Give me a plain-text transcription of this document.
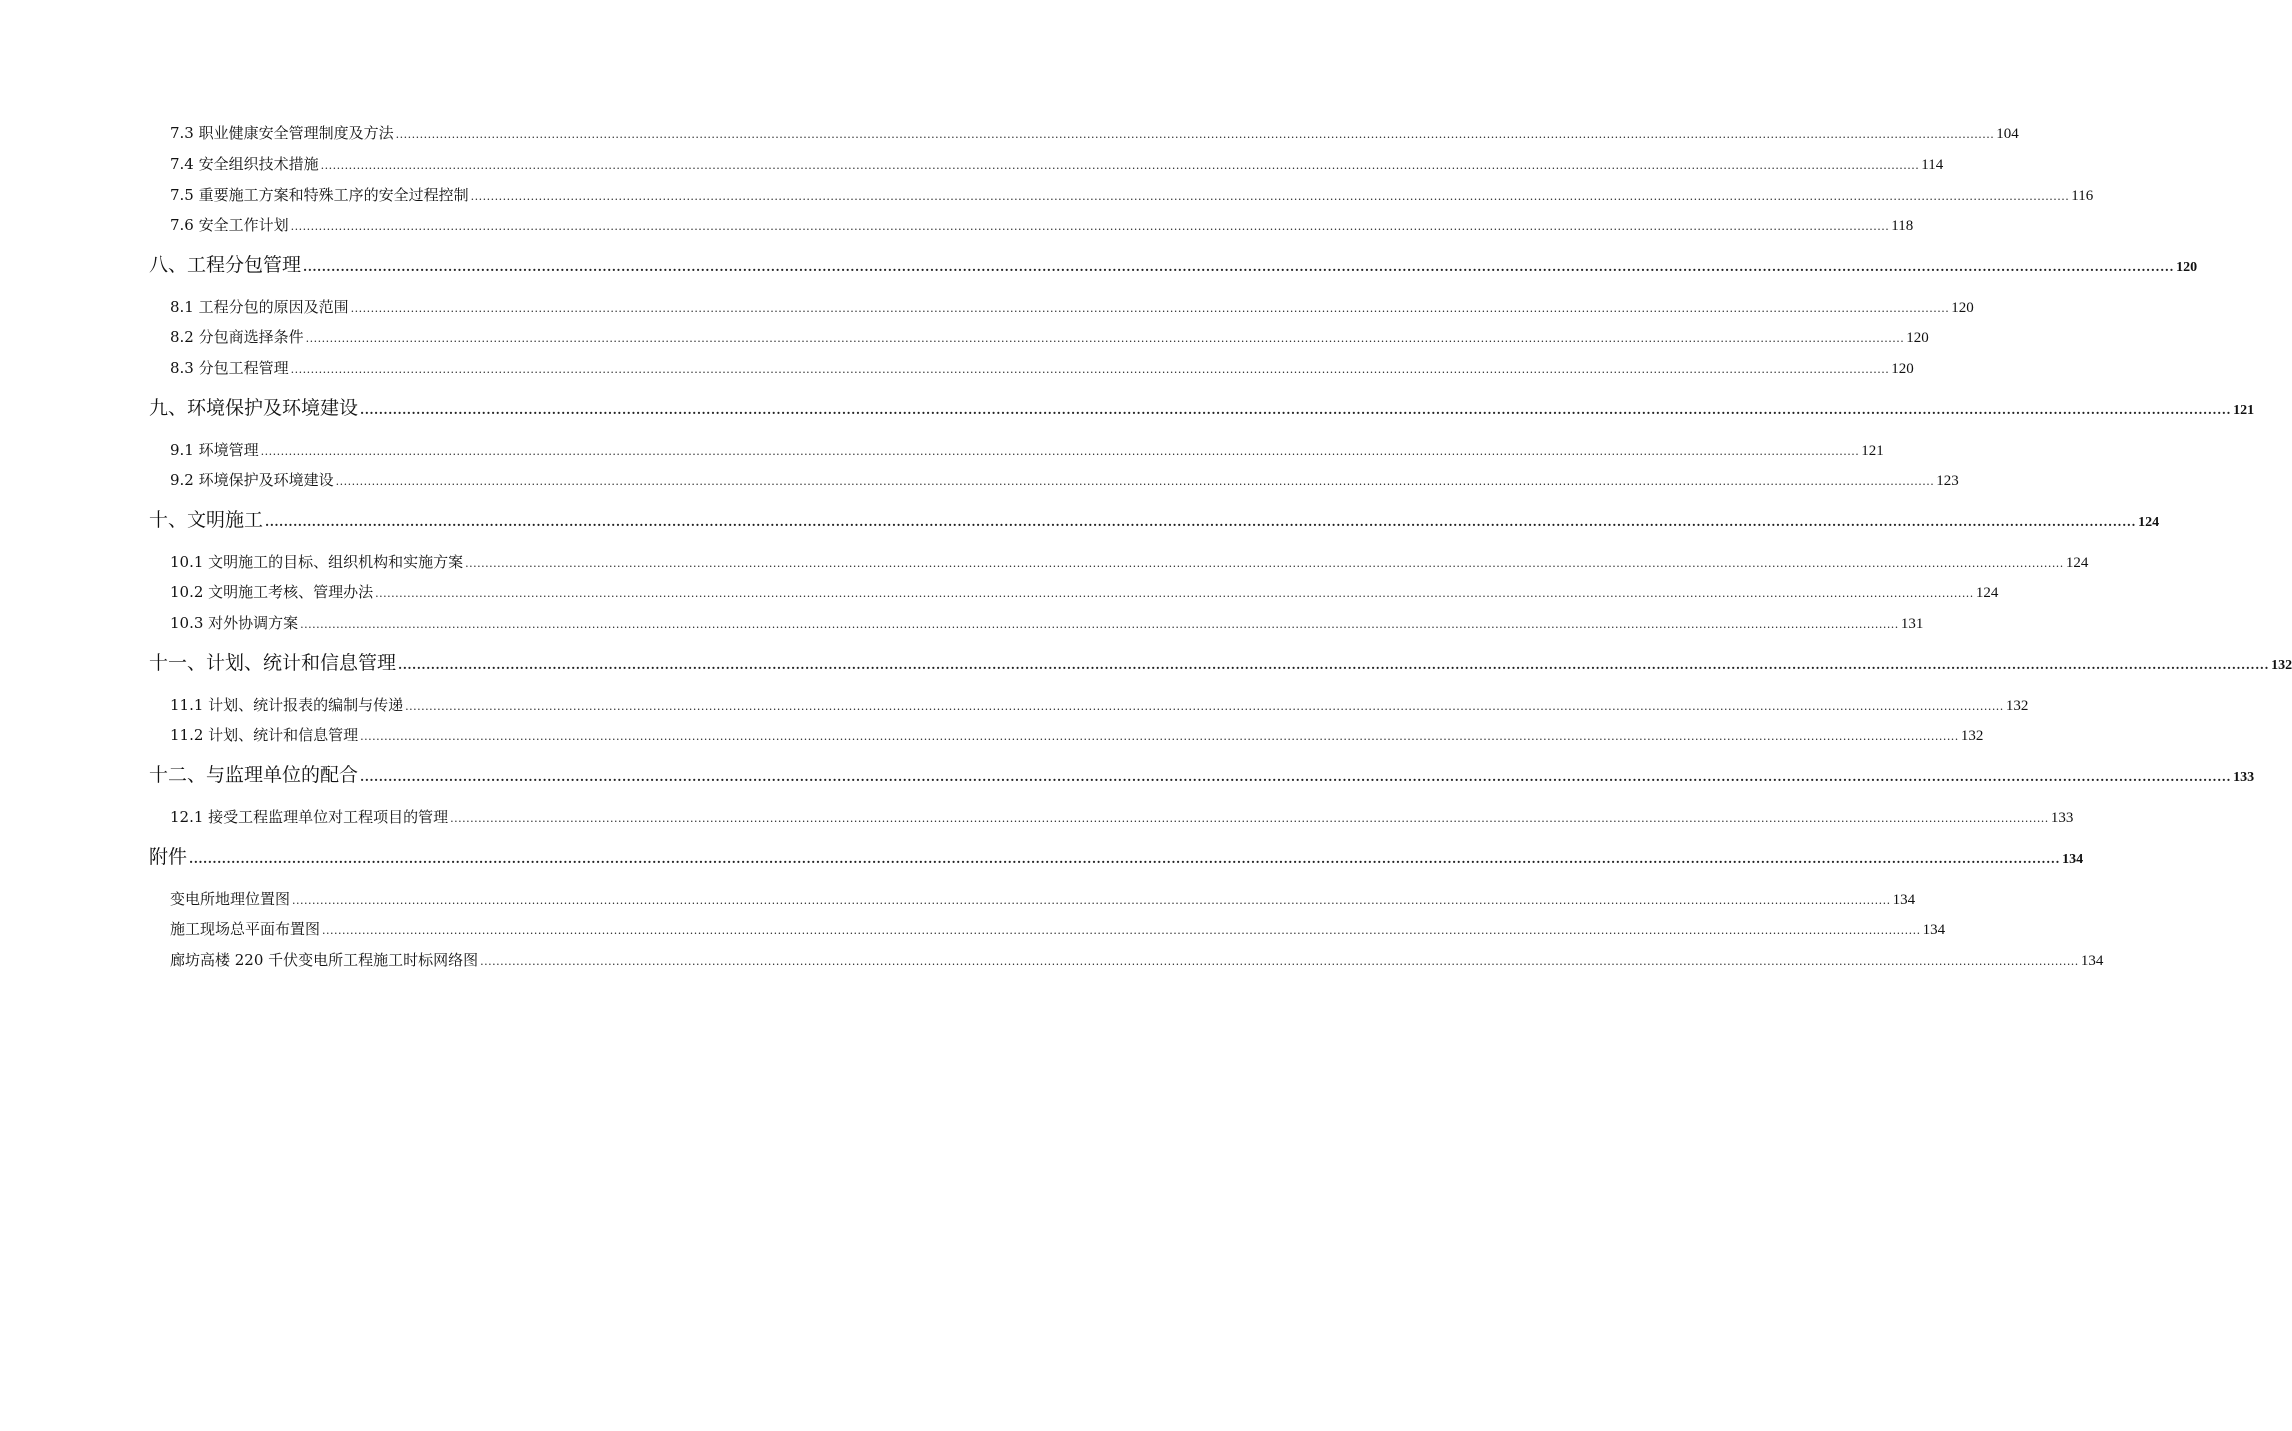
7.3 职业健康安全管理制度及方法 ................................................................................................................................................................................................................................................................................................................................................................................................................ 104
7.4 安全组织技术措施 ................................................................................................................................................................................................................................................................................................................................................................................................................ 114
7.5 重要施工方案和特殊工序的安全过程控制 ................................................................................................................................................................................................................................................................................................................................................................................................................ 116
7.6 安全工作计划 ................................................................................................................................................................................................................................................................................................................................................................................................................ 118
八、工程分包管理 ................................................................................................................................................................................................................................................................................................................................................................................................................ 120
8.1 工程分包的原因及范围 ................................................................................................................................................................................................................................................................................................................................................................................................................ 120
8.2 分包商选择条件 ................................................................................................................................................................................................................................................................................................................................................................................................................ 120
8.3 分包工程管理 ................................................................................................................................................................................................................................................................................................................................................................................................................ 120
九、环境保护及环境建设 ................................................................................................................................................................................................................................................................................................................................................................................................................ 121
9.1 环境管理 ................................................................................................................................................................................................................................................................................................................................................................................................................ 121
9.2 环境保护及环境建设 ................................................................................................................................................................................................................................................................................................................................................................................................................ 123
十、文明施工 ................................................................................................................................................................................................................................................................................................................................................................................................................ 124
10.1 文明施工的目标、组织机构和实施方案 ................................................................................................................................................................................................................................................................................................................................................................................................................ 124
10.2 文明施工考核、管理办法 ................................................................................................................................................................................................................................................................................................................................................................................................................ 124
10.3 对外协调方案 ................................................................................................................................................................................................................................................................................................................................................................................................................ 131
十一、计划、统计和信息管理 ................................................................................................................................................................................................................................................................................................................................................................................................................ 132
11.1 计划、统计报表的编制与传递 ................................................................................................................................................................................................................................................................................................................................................................................................................ 132
11.2 计划、统计和信息管理 ................................................................................................................................................................................................................................................................................................................................................................................................................ 132
十二、与监理单位的配合 ................................................................................................................................................................................................................................................................................................................................................................................................................ 133
12.1 接受工程监理单位对工程项目的管理 ................................................................................................................................................................................................................................................................................................................................................................................................................ 133
附件 ................................................................................................................................................................................................................................................................................................................................................................................................................ 134
变电所地理位置图 ................................................................................................................................................................................................................................................................................................................................................................................................................ 134
施工现场总平面布置图 ................................................................................................................................................................................................................................................................................................................................................................................................................ 134
廊坊高楼 220 千伏变电所工程施工时标网络图 ................................................................................................................................................................................................................................................................................................................................................................................................................ 134
